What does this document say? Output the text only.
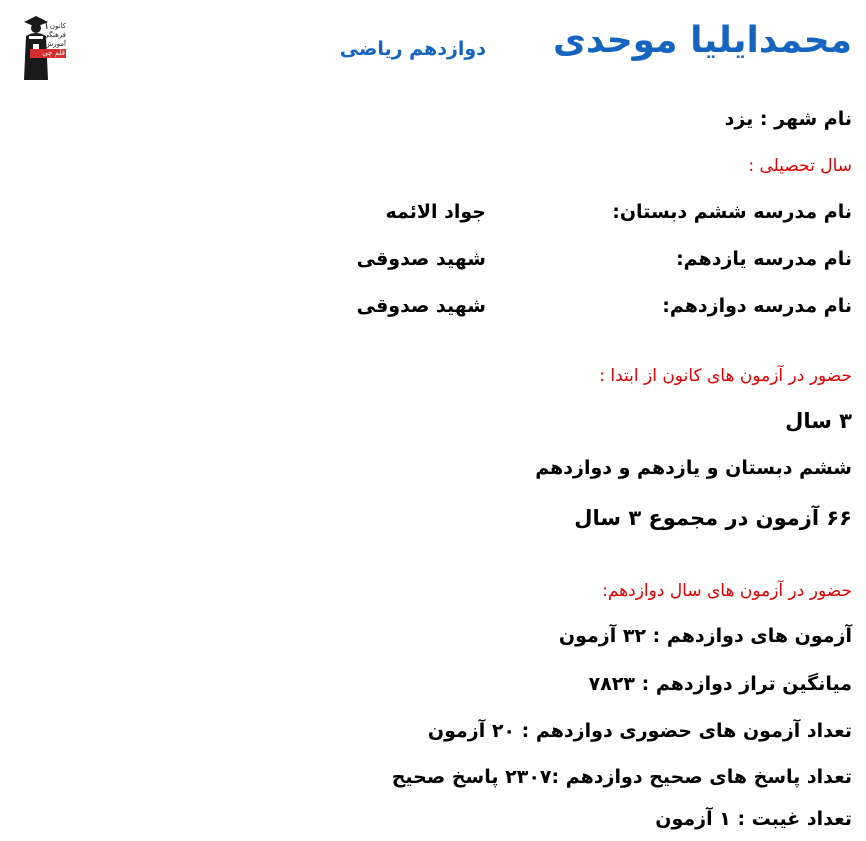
کانون
فرهنگی
آموزش
قلم چی	محمدایلیا موحدی
دوازدهم ریاضی
نام شهر : یزد
سال تحصیلی :
نام مدرسه ششم دبستان:
جواد الائمه
نام مدرسه یازدهم:
شهید صدوقی
نام مدرسه دوازدهم:
شهید صدوقی
حضور در آزمون های کانون از ابتدا :
۳ سال
ششم دبستان و یازدهم و دوازدهم
۶۶ آزمون در مجموع ۳ سال
حضور در آزمون های سال دوازدهم:
آزمون های دوازدهم : ۳۲ آزمون
میانگین تراز دوازدهم : ۷۸۲۳
تعداد آزمون های حضوری دوازدهم : ۲۰ آزمون
تعداد پاسخ های صحیح دوازدهم :۲۳۰۷ پاسخ صحیح
تعداد غیبت : ۱ آزمون
